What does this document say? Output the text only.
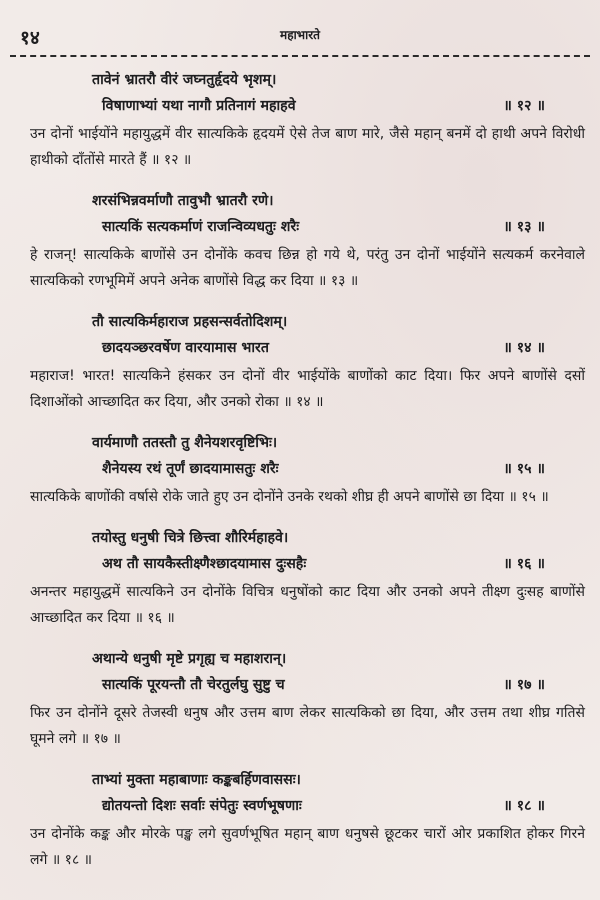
१४	महाभारते
तावेनं भ्रातरौ वीरं जघ्नतुर्हृदये भृशम्।
विषाणाभ्यां यथा नागौ प्रतिनागं महाहवे	॥ १२ ॥
उन दोनों भाईयोंने महायुद्धमें वीर सात्यकिके हृदयमें ऐसे तेज बाण मारे, जैसे महान् बनमें दो हाथी अपने विरोधी हाथीको दाँतोंसे मारते हैं ॥ १२ ॥
शरसंभिन्नवर्माणौ तावुभौ भ्रातरौ रणे।
सात्यकिं सत्यकर्माणं राजन्विव्यधतुः शरैः	॥ १३ ॥
हे राजन्! सात्यकिके बाणोंसे उन दोनोंके कवच छिन्न हो गये थे, परंतु उन दोनों भाईयोंने सत्यकर्म करनेवाले सात्यकिको रणभूमिमें अपने अनेक बाणोंसे विद्ध कर दिया ॥ १३ ॥
तौ सात्यकिर्महाराज प्रहसन्सर्वतोदिशम्।
छादयञ्छरवर्षेण वारयामास भारत	॥ १४ ॥
महाराज! भारत! सात्यकिने हंसकर उन दोनों वीर भाईयोंके बाणोंको काट दिया। फिर अपने बाणोंसे दसों दिशाओंको आच्छादित कर दिया, और उनको रोका ॥ १४ ॥
वार्यमाणौ ततस्तौ तु शैनेयशरवृष्टिभिः।
शैनेयस्य रथं तूर्णं छादयामासतुः शरैः	॥ १५ ॥
सात्यकिके बाणोंकी वर्षासे रोके जाते हुए उन दोनोंने उनके रथको शीघ्र ही अपने बाणोंसे छा दिया ॥ १५ ॥
तयोस्तु धनुषी चित्रे छित्त्वा शौरिर्महाहवे।
अथ तौ सायकैस्तीक्ष्णैश्छादयामास दुःसहैः	॥ १६ ॥
अनन्तर महायुद्धमें सात्यकिने उन दोनोंके विचित्र धनुषोंको काट दिया और उनको अपने तीक्ष्ण दुःसह बाणोंसे आच्छादित कर दिया ॥ १६ ॥
अथान्ये धनुषी मृष्टे प्रगृह्य च महाशरान्।
सात्यकिं पूरयन्तौ तौ चेरतुर्लघु सुष्टु च	॥ १७ ॥
फिर उन दोनोंने दूसरे तेजस्वी धनुष और उत्तम बाण लेकर सात्यकिको छा दिया, और उत्तम तथा शीघ्र गतिसे घूमने लगे ॥ १७ ॥
ताभ्यां मुक्ता महाबाणाः कङ्कबर्हिणवाससः।
द्योतयन्तो दिशः सर्वाः संपेतुः स्वर्णभूषणाः	॥ १८ ॥
उन दोनोंके कङ्क और मोरके पङ्ख लगे सुवर्णभूषित महान् बाण धनुषसे छूटकर चारों ओर प्रकाशित होकर गिरने लगे ॥ १८ ॥
